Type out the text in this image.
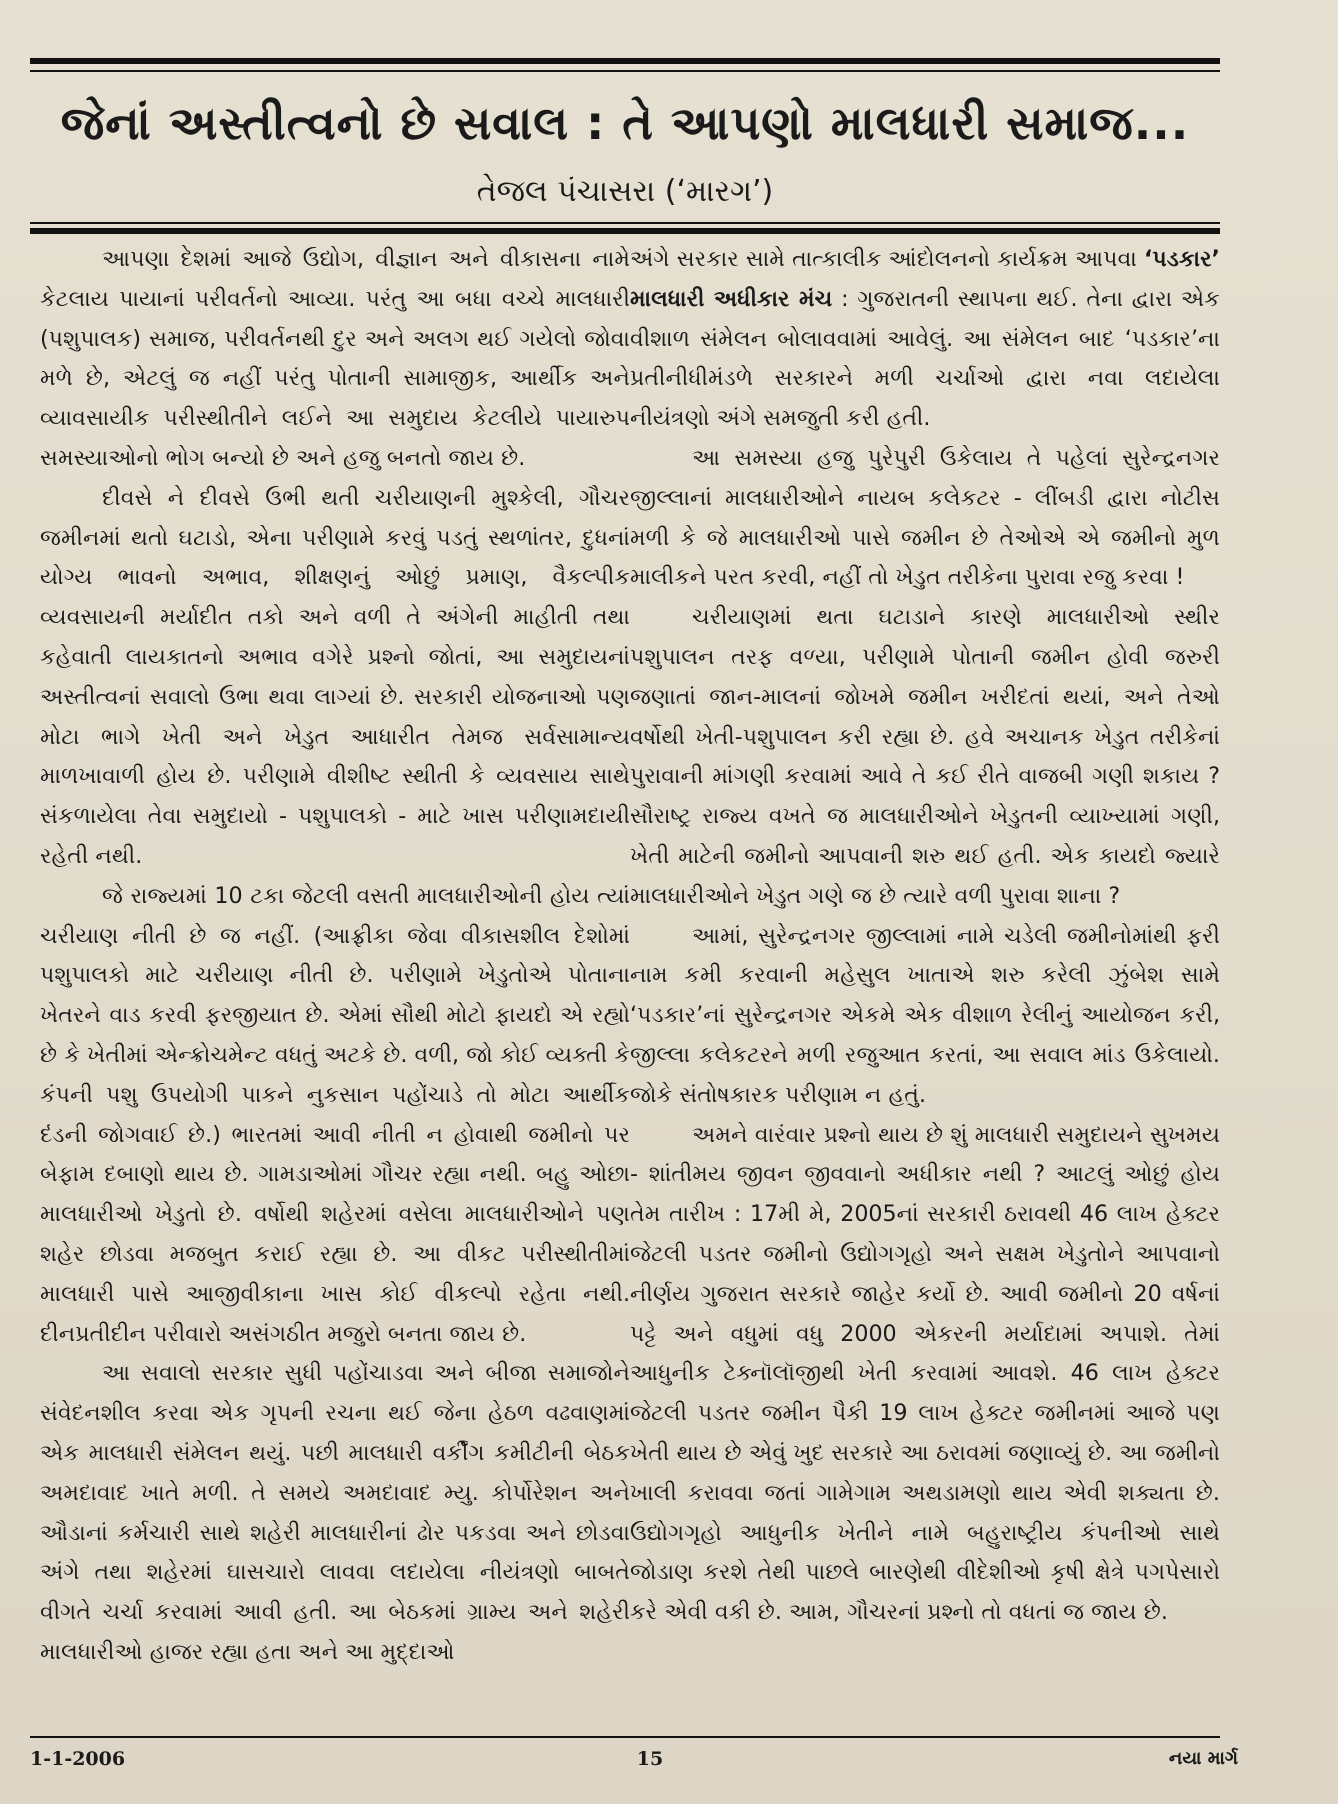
જેનાં અસ્તીત્વનો છે સવાલ : તે આપણો માલધારી સમાજ...
તેજલ પંચાસરા (‘મારગ’)

આપણા દેશમાં આજે ઉદ્યોગ, વીજ્ઞાન અને વીકાસના નામે કેટલાય પાયાનાં પરીવર્તનો આવ્યા. પરંતુ આ બધા વચ્ચે માલધારી (પશુપાલક) સમાજ, પરીવર્તનથી દુર અને અલગ થઈ ગયેલો જોવા મળે છે, એટલું જ નહીં પરંતુ પોતાની સામાજીક, આર્થીક અને વ્યાવસાયીક પરીસ્થીતીને લઈને આ સમુદાય કેટલીયે પાયારુપ સમસ્યાઓનો ભોગ બન્યો છે અને હજુ બનતો જાય છે.

દીવસે ને દીવસે ઉભી થતી ચરીયાણની મુશ્કેલી, ગૌચર જમીનમાં થતો ઘટાડો, એના પરીણામે કરવું પડતું સ્થળાંતર, દુધનાં યોગ્ય ભાવનો અભાવ, શીક્ષણનું ઓછું પ્રમાણ, વૈકલ્પીક વ્યવસાયની મર્યાદીત તકો અને વળી તે અંગેની માહીતી તથા કહેવાતી લાયકાતનો અભાવ વગેરે પ્રશ્નો જોતાં, આ સમુદાયનાં અસ્તીત્વનાં સવાલો ઉભા થવા લાગ્યાં છે. સરકારી યોજનાઓ પણ મોટા ભાગે ખેતી અને ખેડુત આધારીત તેમજ સર્વસામાન્ય માળખાવાળી હોય છે. પરીણામે વીશીષ્ટ સ્થીતી કે વ્યવસાય સાથે સંકળાયેલા તેવા સમુદાયો - પશુપાલકો - માટે ખાસ પરીણામદાયી રહેતી નથી.

જે રાજ્યમાં 10 ટકા જેટલી વસતી માલધારીઓની હોય ત્યાં ચરીયાણ નીતી છે જ નહીં. (આફ્રીકા જેવા વીકાસશીલ દેશોમાં પશુપાલકો માટે ચરીયાણ નીતી છે. પરીણામે ખેડુતોએ પોતાના ખેતરને વાડ કરવી ફરજીયાત છે. એમાં સૌથી મોટો ફાયદો એ રહ્યો છે કે ખેતીમાં એન્ક્રોચમેન્ટ વધતું અટકે છે. વળી, જો કોઈ વ્યક્તી કે કંપની પશુ ઉપયોગી પાકને નુકસાન પહોંચાડે તો મોટા આર્થીક દંડની જોગવાઈ છે.) ભારતમાં આવી નીતી ન હોવાથી જમીનો પર બેફામ દબાણો થાય છે. ગામડાઓમાં ગૌચર રહ્યા નથી. બહુ ઓછા માલધારીઓ ખેડુતો છે. વર્ષોથી શહેરમાં વસેલા માલધારીઓને પણ શહેર છોડવા મજબુત કરાઈ રહ્યા છે. આ વીકટ પરીસ્થીતીમાં માલધારી પાસે આજીવીકાના ખાસ કોઈ વીકલ્પો રહેતા નથી. દીનપ્રતીદીન પરીવારો અસંગઠીત મજુરો બનતા જાય છે.

આ સવાલો સરકાર સુધી પહોંચાડવા અને બીજા સમાજોને સંવેદનશીલ કરવા એક ગૃપની રચના થઈ જેના હેઠળ વઢવાણમાં એક માલધારી સંમેલન થયું. પછી માલધારી વર્કીંગ કમીટીની બેઠક અમદાવાદ ખાતે મળી. તે સમયે અમદાવાદ મ્યુ. કોર્પોરેશન અને ઔડાનાં કર્મચારી સાથે શહેરી માલધારીનાં ઢોર પકડવા અને છોડવા અંગે તથા શહેરમાં ઘાસચારો લાવવા લદાયેલા નીયંત્રણો બાબતે વીગતે ચર્ચા કરવામાં આવી હતી. આ બેઠકમાં ગ્રામ્ય અને શહેરી માલધારીઓ હાજર રહ્યા હતા અને આ મુદ્દાઓ

અંગે સરકાર સામે તાત્કાલીક આંદોલનનો કાર્યક્રમ આપવા ‘પડકાર’ માલધારી અધીકાર મંચ : ગુજરાતની સ્થાપના થઈ. તેના દ્વારા એક વીશાળ સંમેલન બોલાવવામાં આવેલું. આ સંમેલન બાદ ‘પડકાર’ના પ્રતીનીધીમંડળે સરકારને મળી ચર્ચાઓ દ્વારા નવા લદાયેલા નીયંત્રણો અંગે સમજુતી કરી હતી.

આ સમસ્યા હજુ પુરેપુરી ઉકેલાય તે પહેલાં સુરેન્દ્રનગર જીલ્લાનાં માલધારીઓને નાયબ કલેકટર - લીંબડી દ્વારા નોટીસ મળી કે જે માલધારીઓ પાસે જમીન છે તેઓએ એ જમીનો મુળ માલીકને પરત કરવી, નહીં તો ખેડુત તરીકેના પુરાવા રજુ કરવા !

ચરીયાણમાં થતા ઘટાડાને કારણે માલધારીઓ સ્થીર પશુપાલન તરફ વળ્યા, પરીણામે પોતાની જમીન હોવી જરુરી જણાતાં જાન-માલનાં જોખમે જમીન ખરીદતાં થયાં, અને તેઓ વર્ષોથી ખેતી-પશુપાલન કરી રહ્યા છે. હવે અચાનક ખેડુત તરીકેનાં પુરાવાની માંગણી કરવામાં આવે તે કઈ રીતે વાજબી ગણી શકાય ? સૌરાષ્ટ્ર રાજ્ય વખતે જ માલધારીઓને ખેડુતની વ્યાખ્યામાં ગણી, ખેતી માટેની જમીનો આપવાની શરુ થઈ હતી. એક કાયદો જ્યારે માલધારીઓને ખેડુત ગણે જ છે ત્યારે વળી પુરાવા શાના ?

આમાં, સુરેન્દ્રનગર જીલ્લામાં નામે ચડેલી જમીનોમાંથી ફરી નામ કમી કરવાની મહેસુલ ખાતાએ શરુ કરેલી ઝુંબેશ સામે ‘પડકાર’નાં સુરેન્દ્રનગર એકમે એક વીશાળ રેલીનું આયોજન કરી, જીલ્લા કલેકટરને મળી રજુઆત કરતાં, આ સવાલ માંડ ઉકેલાયો. જોકે સંતોષકારક પરીણામ ન હતું.

અમને વારંવાર પ્રશ્નો થાય છે શું માલધારી સમુદાયને સુખમય - શાંતીમય જીવન જીવવાનો અધીકાર નથી ? આટલું ઓછું હોય તેમ તારીખ : 17મી મે, 2005નાં સરકારી ઠરાવથી 46 લાખ હેક્ટર જેટલી પડતર જમીનો ઉદ્યોગગૃહો અને સક્ષમ ખેડુતોને આપવાનો નીર્ણય ગુજરાત સરકારે જાહેર કર્યો છે. આવી જમીનો 20 વર્ષનાં પટ્ટે અને વધુમાં વધુ 2000 એકરની મર્યાદામાં અપાશે. તેમાં આધુનીક ટેક્નૉલૉજીથી ખેતી કરવામાં આવશે. 46 લાખ હેક્ટર જેટલી પડતર જમીન પૈકી 19 લાખ હેક્ટર જમીનમાં આજે પણ ખેતી થાય છે એવું ખુદ સરકારે આ ઠરાવમાં જણાવ્યું છે. આ જમીનો ખાલી કરાવવા જતાં ગામેગામ અથડામણો થાય એવી શક્યતા છે. ઉદ્યોગગૃહો આધુનીક ખેતીને નામે બહુરાષ્ટ્રીય કંપનીઓ સાથે જોડાણ કરશે તેથી પાછલે બારણેથી વીદેશીઓ કૃષી ક્ષેત્રે પગપેસારો કરે એવી વકી છે. આમ, ગૌચરનાં પ્રશ્નો તો વધતાં જ જાય છે.

1-1-2006	15	નયા માર્ગ
